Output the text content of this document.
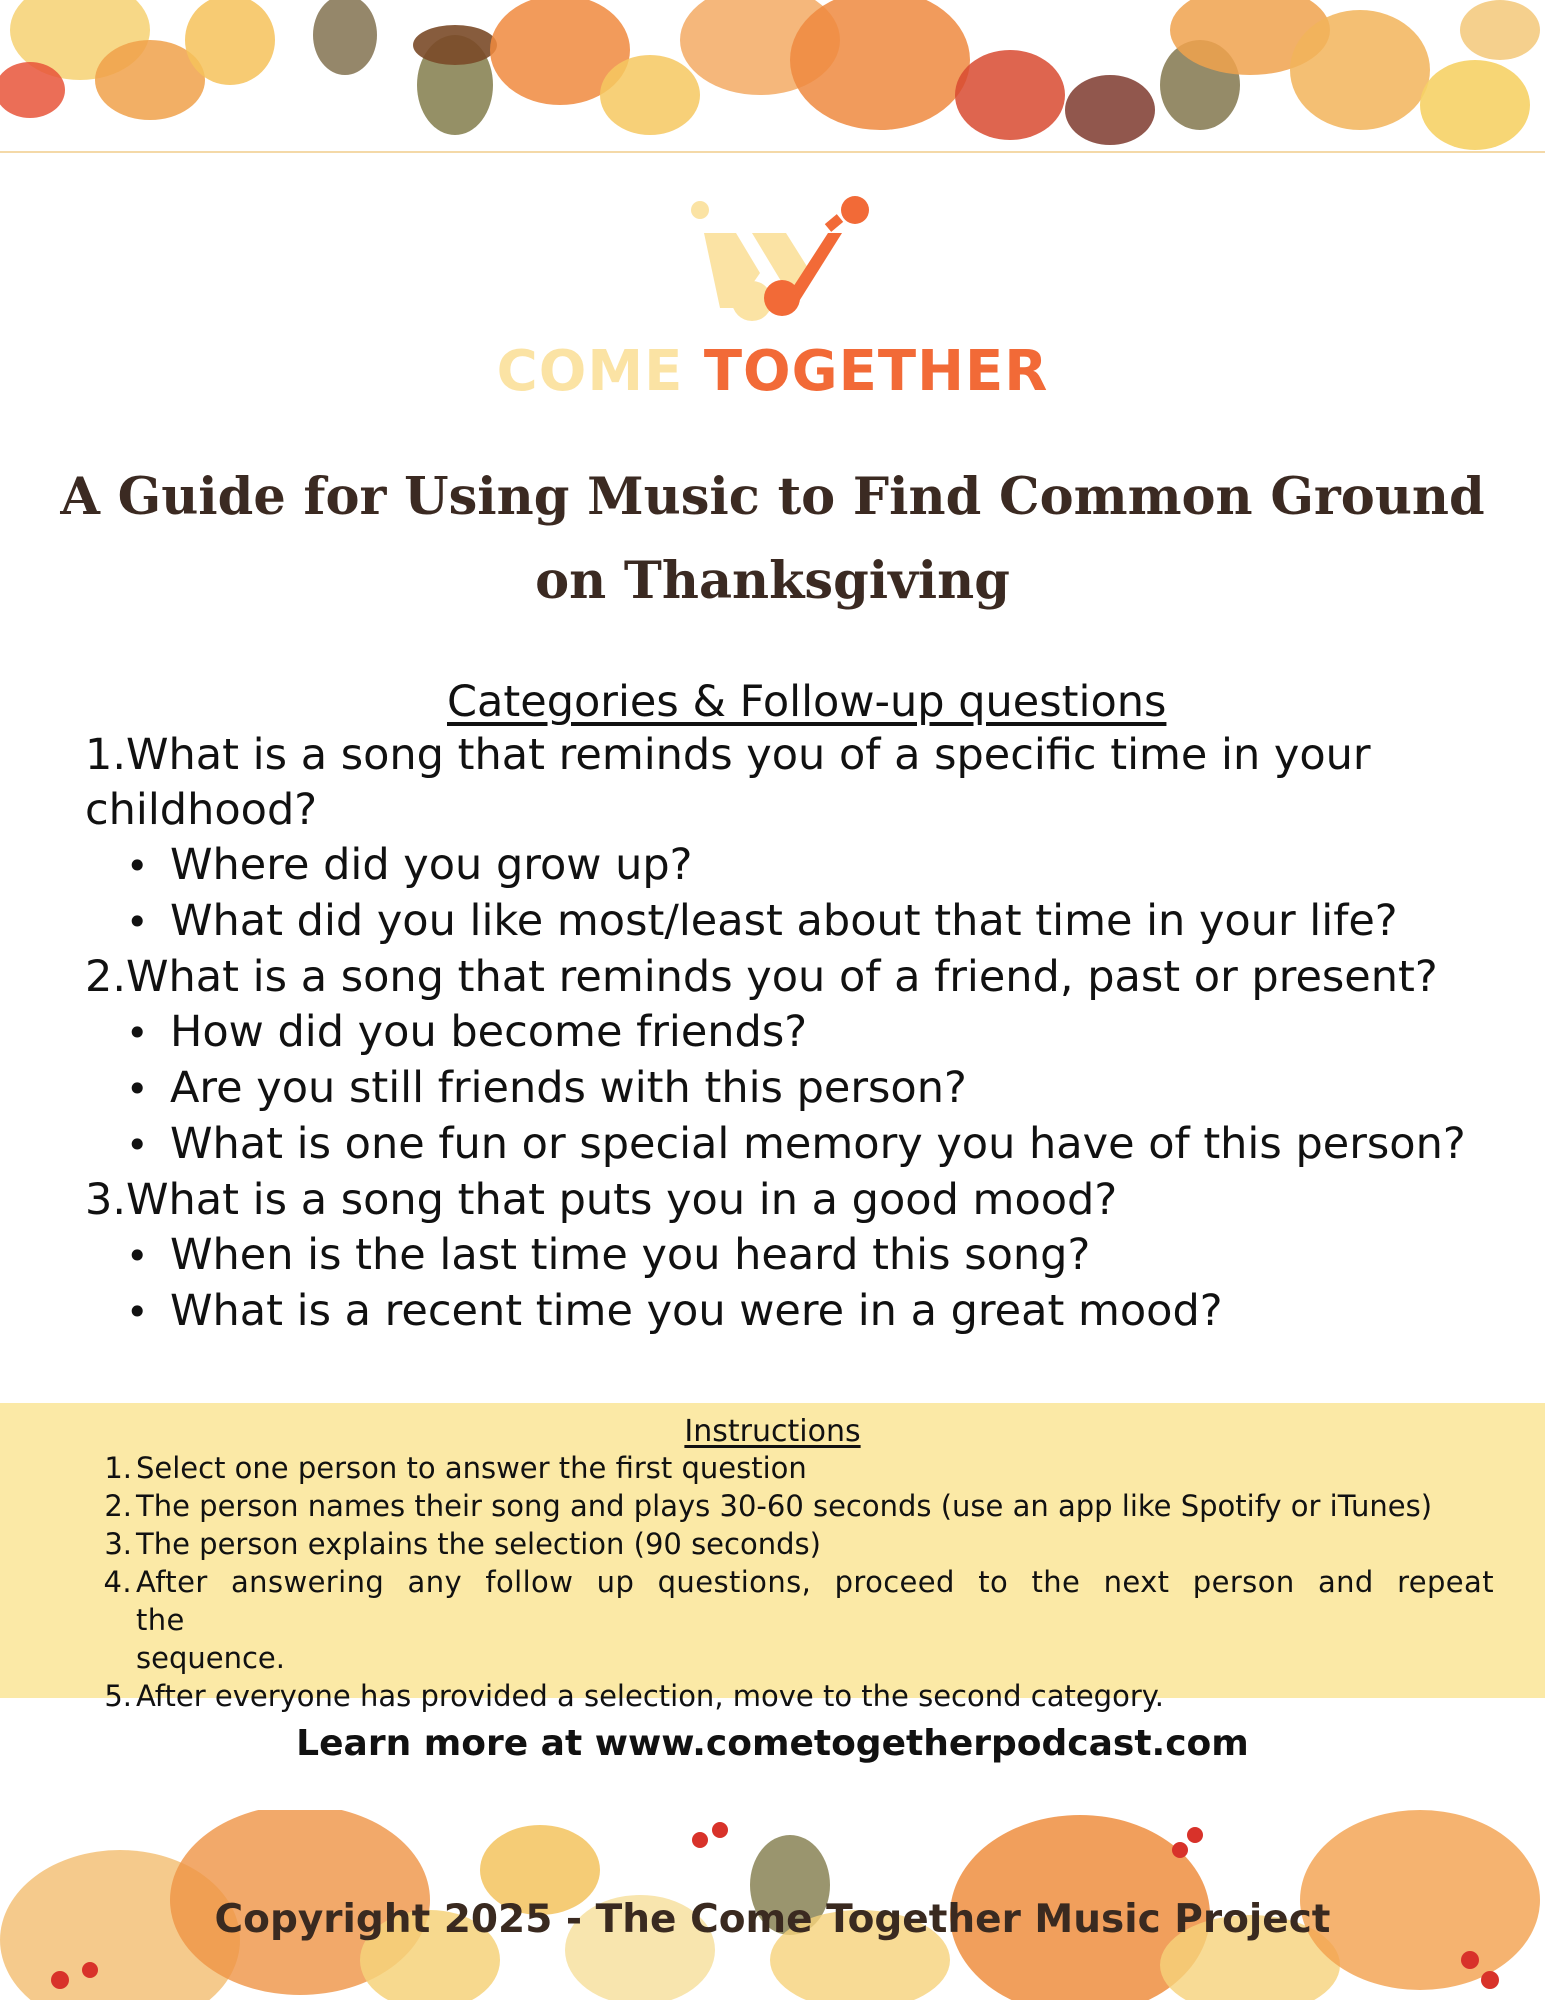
COME TOGETHER
A Guide for Using Music to Find Common Ground
on Thanksgiving
Categories & Follow-up questions
1.What is a song that reminds you of a specific time in your
childhood?
• Where did you grow up?
• What did you like most/least about that time in your life?
2.What is a song that reminds you of a friend, past or present?
• How did you become friends?
• Are you still friends with this person?
• What is one fun or special memory you have of this person?
3.What is a song that puts you in a good mood?
• When is the last time you heard this song?
• What is a recent time you were in a great mood?
Instructions
1. Select one person to answer the first question
2. The person names their song and plays 30-60 seconds (use an app like Spotify or iTunes)
3. The person explains the selection (90 seconds)
4. After answering any follow up questions, proceed to the next person and repeat the
sequence.
5. After everyone has provided a selection, move to the second category.
Learn more at www.cometogetherpodcast.com
Copyright 2025 - The Come Together Music Project
